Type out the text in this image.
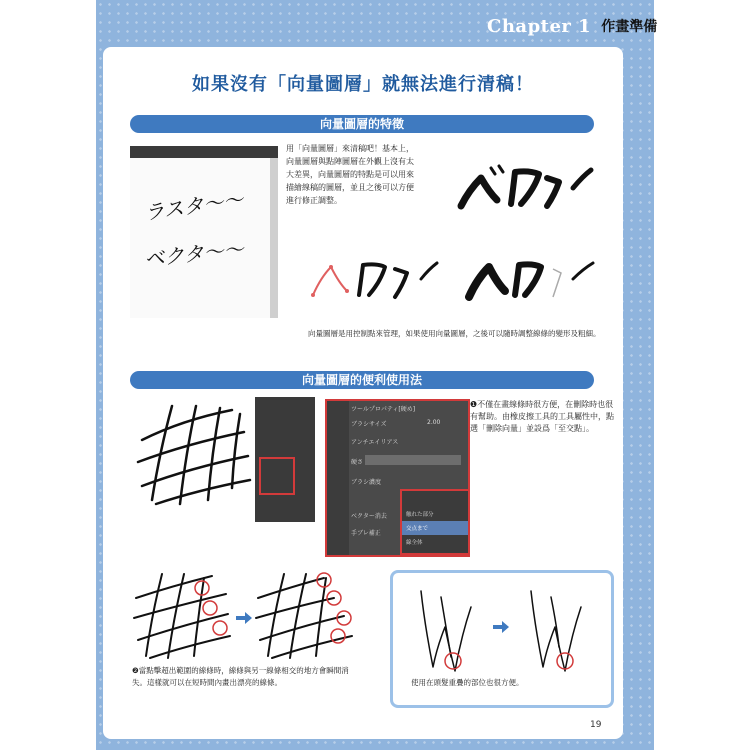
Chapter 1 作畫準備
如果沒有「向量圖層」就無法進行清稿！
向量圖層的特徵
ラスタ〜〜
ベクタ〜〜
用「向量圖層」來清稿吧！基本上，
向量圖層與點陣圖層在外觀上沒有太
大差異，向量圖層的特點是可以用來
描繪線稿的圖層，並且之後可以方便
進行修正調整。
向量圖層是用控制點來管理，如果使用向量圖層，之後可以隨時調整線條的變形及粗細。
向量圖層的便利使用法
ツールプロパティ[硬め]
ブラシサイズ	2.00
アンチエイリアス
硬さ
ブラシ濃度
ベクター消去
手ブレ補正
触れた部分
交点まで
線全体
❶不僅在畫線條時很方便，在刪除時也很
有幫助。由橡皮擦工具的工具屬性中，點
選「刪除向量」並設爲「至交點」。
❷當點擊超出範圍的線條時，線條與另一線條相交的地方會瞬間消
失。這樣就可以在短時間內畫出漂亮的線條。	使用在頭髮重疊的部位也很方便。
19
